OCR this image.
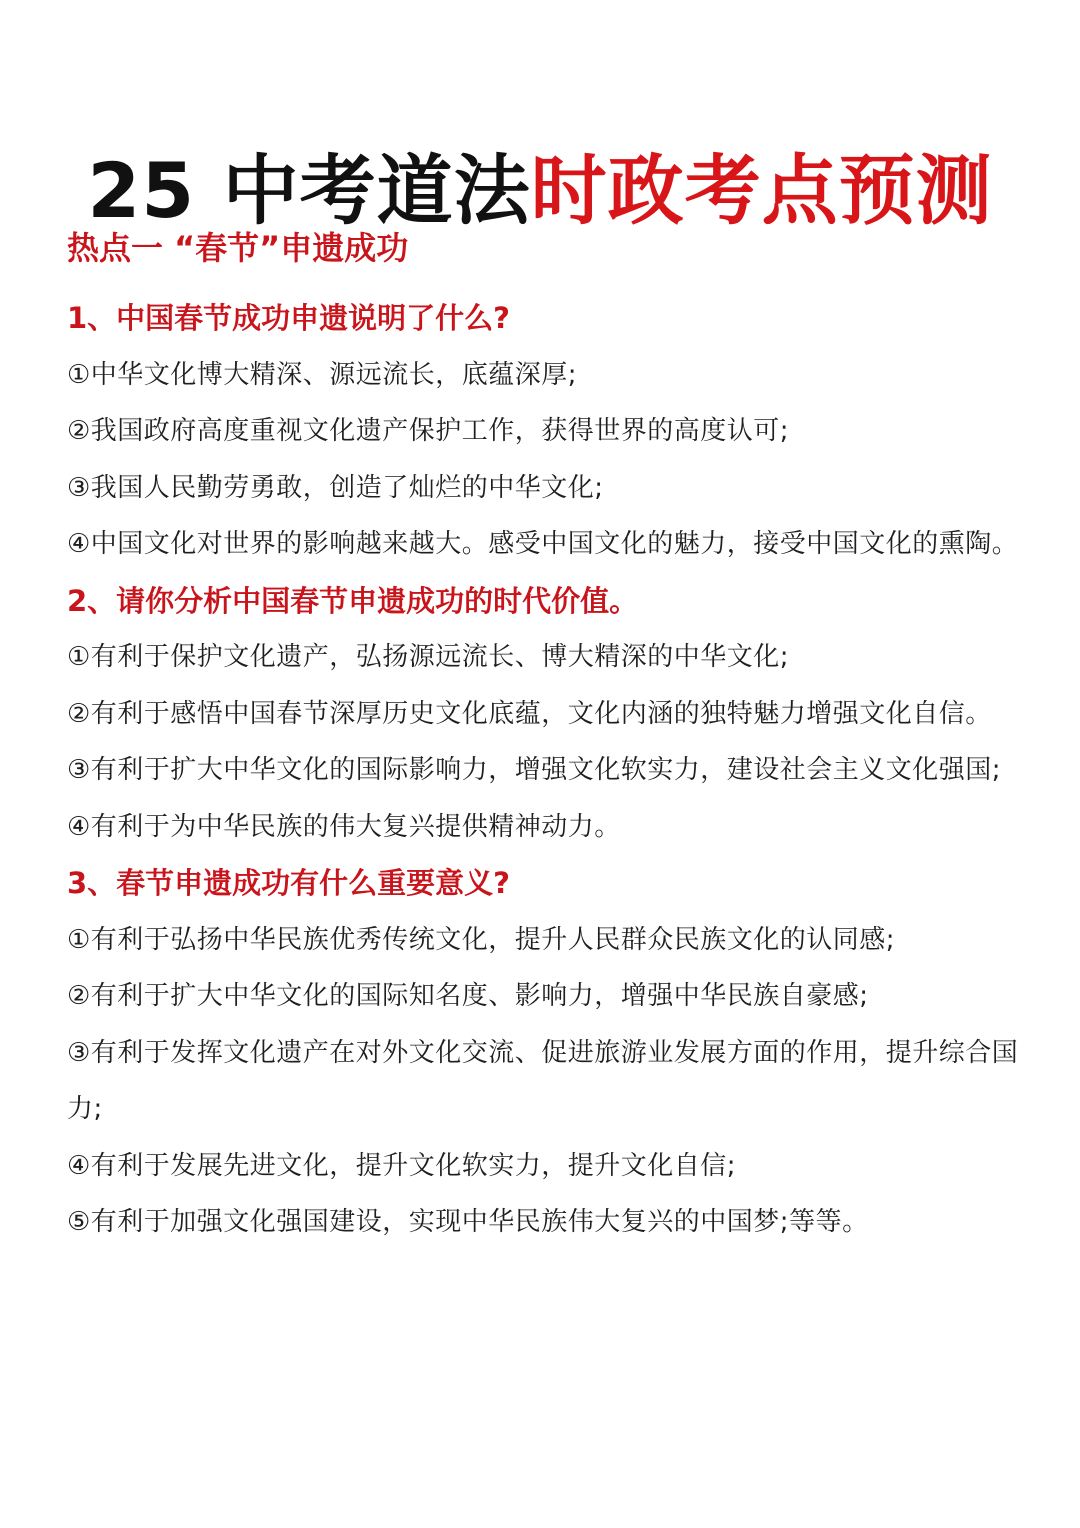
25 中考道法时政考点预测
热点一 “春节”申遗成功
1、中国春节成功申遗说明了什么?

①中华文化博大精深、源远流长，底蕴深厚;

②我国政府高度重视文化遗产保护工作，获得世界的高度认可;

③我国人民勤劳勇敢，创造了灿烂的中华文化;

④中国文化对世界的影响越来越大。感受中国文化的魅力，接受中国文化的熏陶。

2、请你分析中国春节申遗成功的时代价值。

①有利于保护文化遗产，弘扬源远流长、博大精深的中华文化;

②有利于感悟中国春节深厚历史文化底蕴，文化内涵的独特魅力增强文化自信。

③有利于扩大中华文化的国际影响力，增强文化软实力，建设社会主义文化强国;

④有利于为中华民族的伟大复兴提供精神动力。

3、春节申遗成功有什么重要意义?

①有利于弘扬中华民族优秀传统文化，提升人民群众民族文化的认同感;

②有利于扩大中华文化的国际知名度、影响力，增强中华民族自豪感;

③有利于发挥文化遗产在对外文化交流、促进旅游业发展方面的作用，提升综合国力;

④有利于发展先进文化，提升文化软实力，提升文化自信;

⑤有利于加强文化强国建设，实现中华民族伟大复兴的中国梦;等等。
